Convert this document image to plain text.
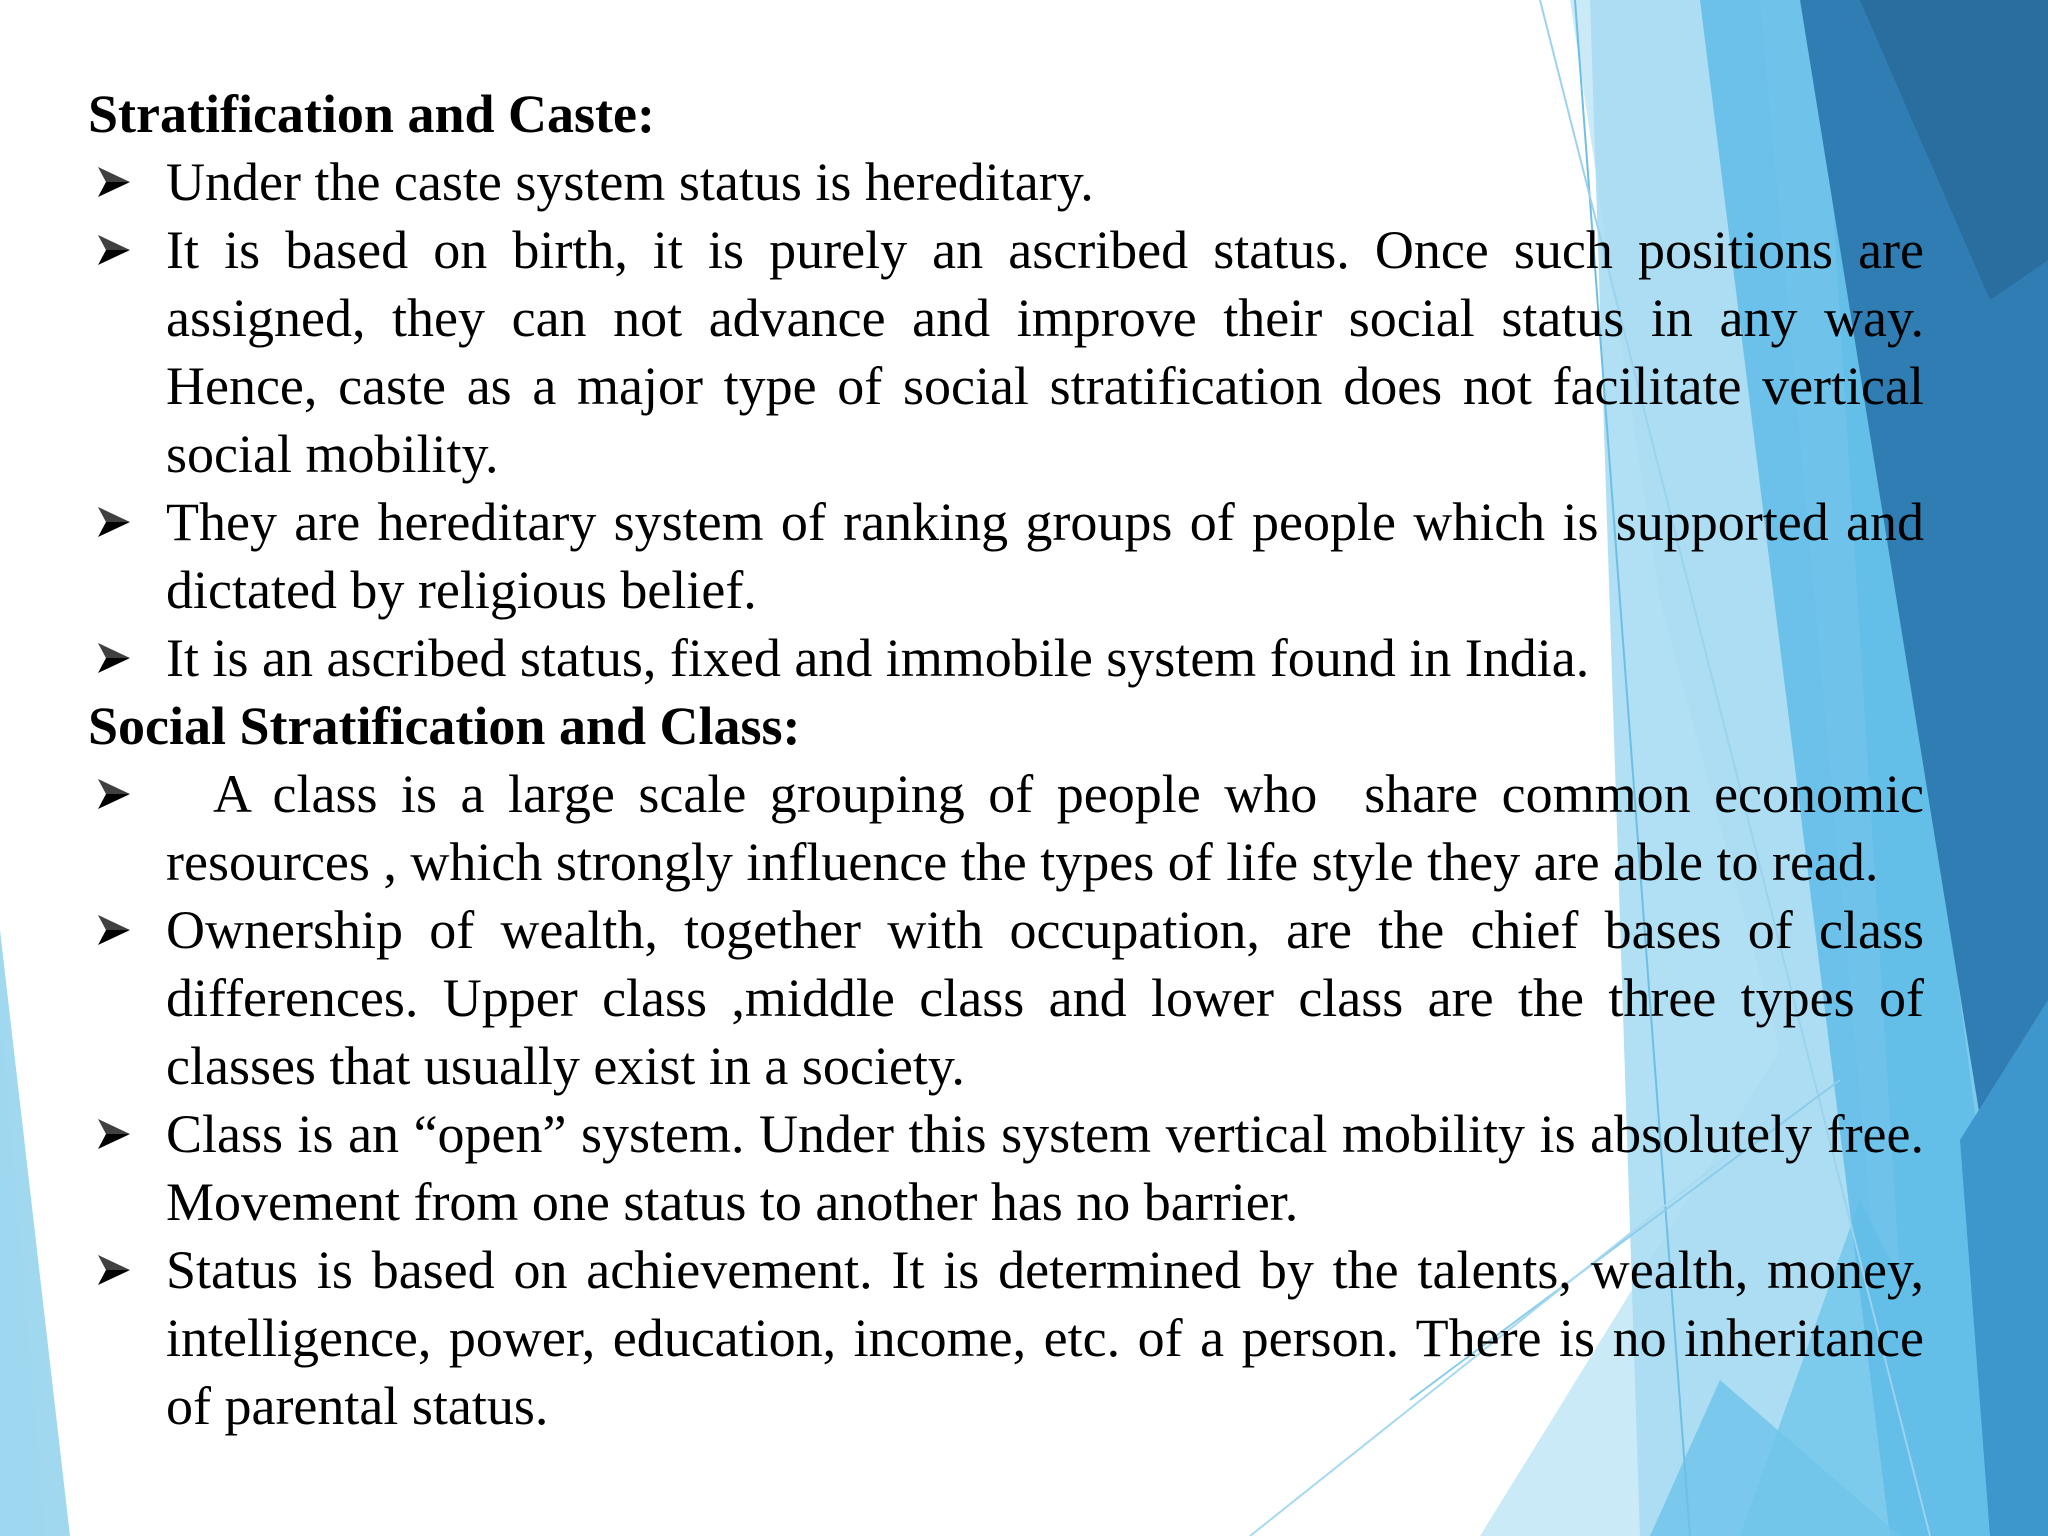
Stratification and Caste:

Under the caste system status is hereditary.
It is based on birth, it is purely an ascribed status. Once such positions are assigned, they can not advance and improve their social status in any way. Hence, caste as a major type of social stratification does not facilitate vertical social mobility.
They are hereditary system of ranking groups of people which is supported and dictated by religious belief.
It is an ascribed status, fixed and immobile system found in India.

Social Stratification and Class:

A class is a large scale grouping of people who  share common economic resources , which strongly influence the types of life style they are able to read.
Ownership of wealth, together with occupation, are the chief bases of class differences. Upper class ,middle class and lower class are the three types of classes that usually exist in a society.
Class is an “open” system. Under this system vertical mobility is absolutely free. Movement from one status to another has no barrier.
Status is based on achievement. It is determined by the talents, wealth, money, intelligence, power, education, income, etc. of a person. There is no inheritance of parental status.
